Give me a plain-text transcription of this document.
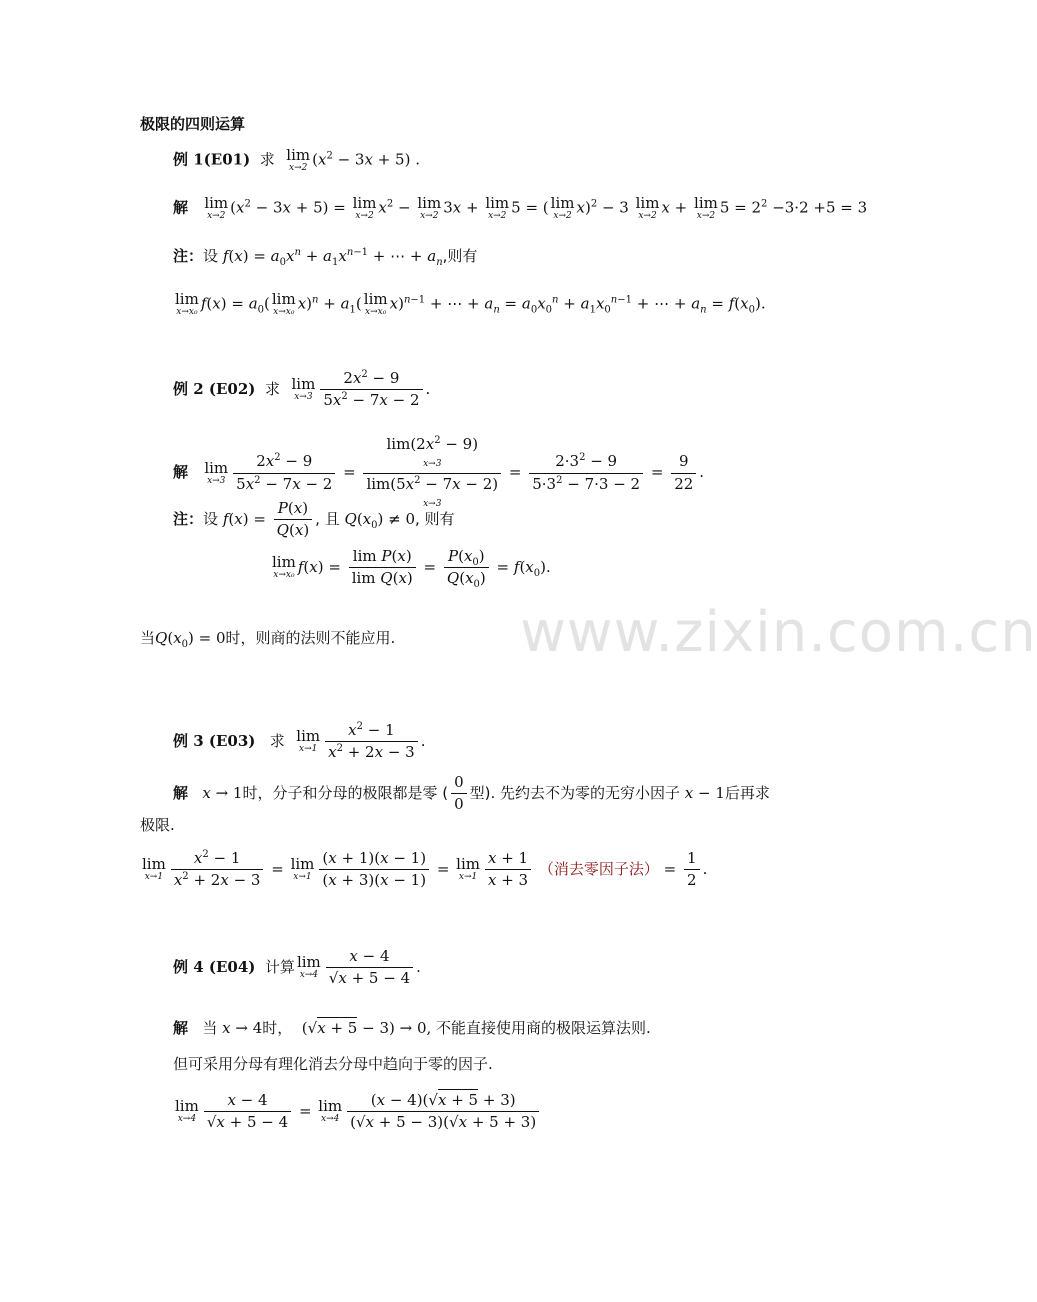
www.zixin.com.cn
极限的四则运算
例 1(E01) 求 lim
x→2 $(x^2 - 3x + 5)$ .
解 lim
x→2 $(x^2 - 3x + 5) = \lim$
x→2 $x^2 - \lim$
x→2 3x + lim
x→2 5 = ( lim
x→2 x)$^2$ − 3 lim
x→2 x + lim
x→2 $5 = 2^2 -3\cdot 2 +5 = 3$
注：设 $f(x) = a_0x^n + a_1x^{n-1}$ + ⋯ + $a_n$,则有
lim
x→x₀ $f(x) = a_0$( lim
x→x₀ $x)^n + a_1$( lim
x→x₀ x)$^{n-1}$ + ⋯ + $a_n = a_0x_0^n + a_1x_0^{n-1}$ + ⋯ + $a_n = f(x_0)$.
例 2 (E02) 求 lim
$x\to 3 \frac{2x^2 - 9}{5x^2 - 7x - 2}$ .
解 lim
$x\to 3 \frac{2x^2 - 9}{5x^2 - 7x - 2}$ =
$\lim(2x^2 - 9)$
x→3
$\lim(5x^2 - 7x - 2)$
x→3
= $\frac{2\cdot 3^2 - 9}{5\cdot 3^2 - 7\cdot 3 - 2} = \frac{9}{22}$ .
注：设 $f(x) = \frac{P(x)}{Q(x)}$ , 且 $Q(x_0) \ne 0$, 则有
lim
x→x₀ $f(x) = \frac{\text{lim P(x)}}{\text{lim Q(x)}} = \frac{P(x_0)}{Q(x_0)} = f(x_0)$.
当$Q(x_0) = 0$时，则商的法则不能应用.
例 3 (E03) 求 lim
$x\to 1 \frac{x^2 - 1}{x^2 + 2x - 3}$ .
解 x → 1时，分子和分母的极限都是零 ( $\frac{0}{0}$ 型). 先约去不为零的无穷小因子 x − 1后再求
极限.
lim
$x\to 1 \frac{x^2 - 1}{x^2 + 2x - 3} = \lim$
$x\to 1 \frac{(x + 1)(x - 1)}{(x + 3)(x - 1)} = \lim$
$x\to 1 \frac{x + 1}{x + 3}$ （消去零因子法） = $\frac{1}{2}$ .
例 4 (E04) 计算 lim
$x\to 4 \frac{x - 4}{√x + 5 - 4}$ .
解 当 x → 4时，  (√x + 5 − 3) → 0, 不能直接使用商的极限运算法则.
但可采用分母有理化消去分母中趋向于零的因子.
lim
$x\to 4 \frac{x - 4}{√x + 5 - 4} = \lim$
$x\to 4 \frac{(x - 4)(√x + 5 + 3)}{(√x + 5 - 3)(√x + 5 + 3)}$
